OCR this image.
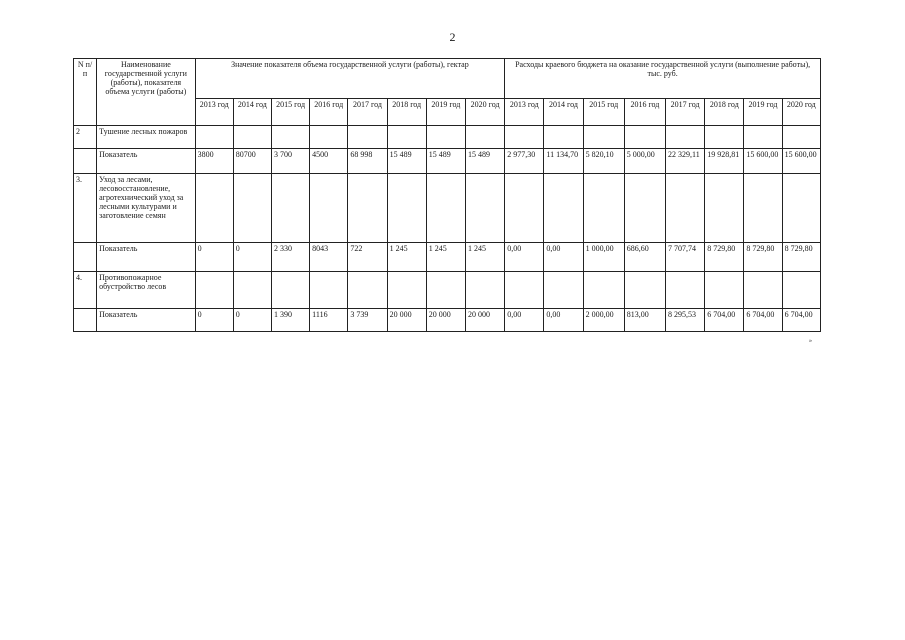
2
N п/п	Наименование государственной услуги (работы), показателя объема услуги (работы)	Значение показателя объема государственной услуги (работы), гектар								Расходы краевого бюджета на оказание государственной услуги (выполнение работы), тыс. руб.							
		2013 год	2014 год	2015 год	2016 год	2017 год	2018 год	2019 год	2020 год	2013 год	2014 год	2015 год	2016 год	2017 год	2018 год	2019 год	2020 год
2	Тушение лесных пожаров																
	Показатель	3800	80700	3 700	4500	68 998	15 489	15 489	15 489	2 977,30	11 134,70	5 820,10	5 000,00	22 329,11	19 928,81	15 600,00	15 600,00
3.	Уход за лесами, лесовосстановление, агротехнический уход за лесными культурами и заготовление семян																
	Показатель	0	0	2 330	8043	722	1 245	1 245	1 245	0,00	0,00	1 000,00	686,60	7 707,74	8 729,80	8 729,80	8 729,80
4.	Противопожарное обустройство лесов																
	Показатель	0	0	1 390	1116	3 739	20 000	20 000	20 000	0,00	0,00	2 000,00	813,00	8 295,53	6 704,00	6 704,00	6 704,00
»
